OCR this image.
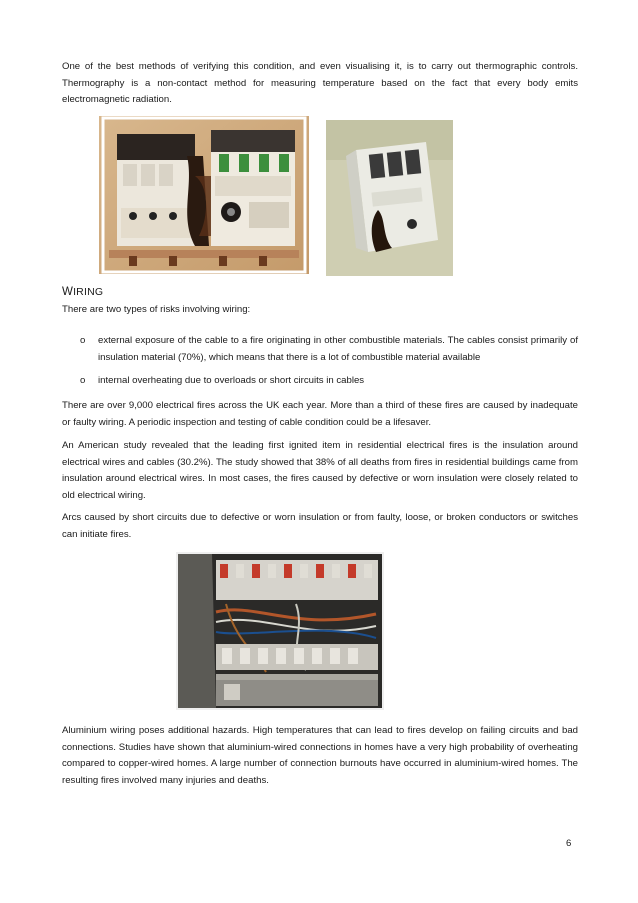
One of the best methods of verifying this condition, and even visualising it, is to carry out thermographic controls. Thermography is a non-contact method for measuring temperature based on the fact that every body emits electromagnetic radiation.

WIRING

There are two types of risks involving wiring:

o	external exposure of the cable to a fire originating in other combustible materials. The cables consist primarily of insulation material (70%), which means that there is a lot of combustible material available
o	internal overheating due to overloads or short circuits in cables

There are over 9,000 electrical fires across the UK each year. More than a third of these fires are caused by inadequate or faulty wiring. A periodic inspection and testing of cable condition could be a lifesaver.

An American study revealed that the leading first ignited item in residential electrical fires is the insulation around electrical wires and cables (30.2%). The study showed that 38% of all deaths from fires in residential buildings came from insulation around electrical wires. In most cases, the fires caused by defective or worn insulation were closely related to old electrical wiring.

Arcs caused by short circuits due to defective or worn insulation or from faulty, loose, or broken conductors or switches can initiate fires.

Aluminium wiring poses additional hazards. High temperatures that can lead to fires develop on failing circuits and bad connections. Studies have shown that aluminium-wired connections in homes have a very high probability of overheating compared to copper-wired homes. A large number of connection burnouts have occurred in aluminium-wired homes. The resulting fires involved many injuries and deaths.

6
